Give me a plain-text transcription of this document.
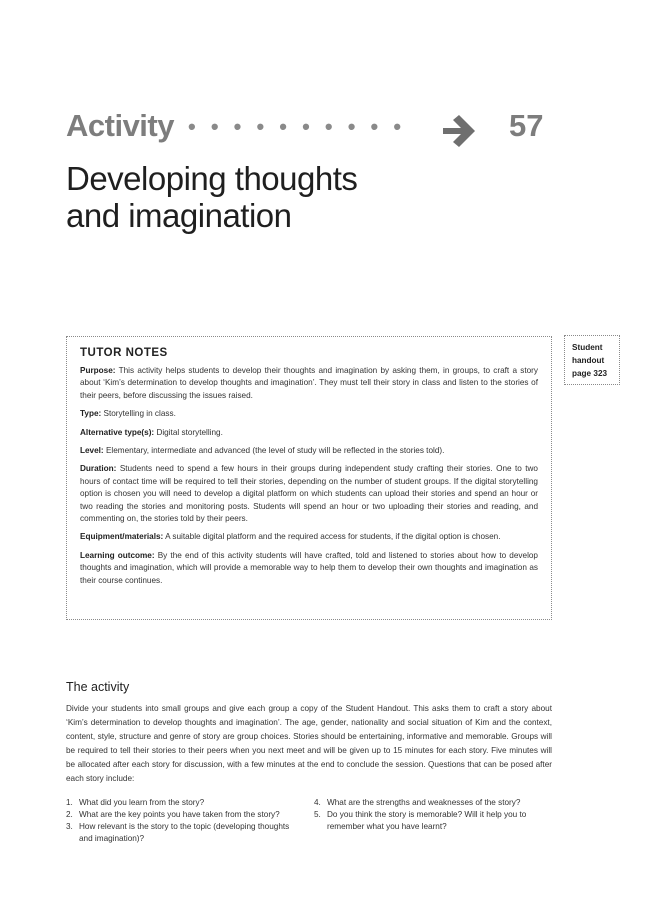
Activity • • • • • • • • • •	57
Developing thoughts
and imagination
TUTOR NOTES

Purpose: This activity helps students to develop their thoughts and imagination by asking them, in groups, to craft a story about ‘Kim’s determination to develop thoughts and imagination’. They must tell their story in class and listen to the stories of their peers, before discussing the issues raised.

Type: Storytelling in class.

Alternative type(s): Digital storytelling.

Level: Elementary, intermediate and advanced (the level of study will be reflected in the stories told).

Duration: Students need to spend a few hours in their groups during independent study crafting their stories. One to two hours of contact time will be required to tell their stories, depending on the number of student groups. If the digital storytelling option is chosen you will need to develop a digital platform on which students can upload their stories and spend an hour or two reading the stories and monitoring posts. Students will spend an hour or two uploading their stories and reading, and commenting on, the stories told by their peers.

Equipment/materials: A suitable digital platform and the required access for students, if the digital option is chosen.

Learning outcome: By the end of this activity students will have crafted, told and listened to stories about how to develop thoughts and imagination, which will provide a memorable way to help them to develop their own thoughts and imagination as their course continues.

Student
handout
page 323
The activity

Divide your students into small groups and give each group a copy of the Student Handout. This asks them to craft a story about ‘Kim’s determination to develop thoughts and imagination’. The age, gender, nationality and social situation of Kim and the context, content, style, structure and genre of story are group choices. Stories should be entertaining, informative and memorable. Groups will be required to tell their stories to their peers when you next meet and will be given up to 15 minutes for each story. Five minutes will be allocated after each story for discussion, with a few minutes at the end to conclude the session. Questions that can be posed after each story include:

1. What did you learn from the story?
2. What are the key points you have taken from the story?
3. How relevant is the story to the topic (developing thoughts and imagination)?
4. What are the strengths and weaknesses of the story?
5. Do you think the story is memorable? Will it help you to remember what you have learnt?
